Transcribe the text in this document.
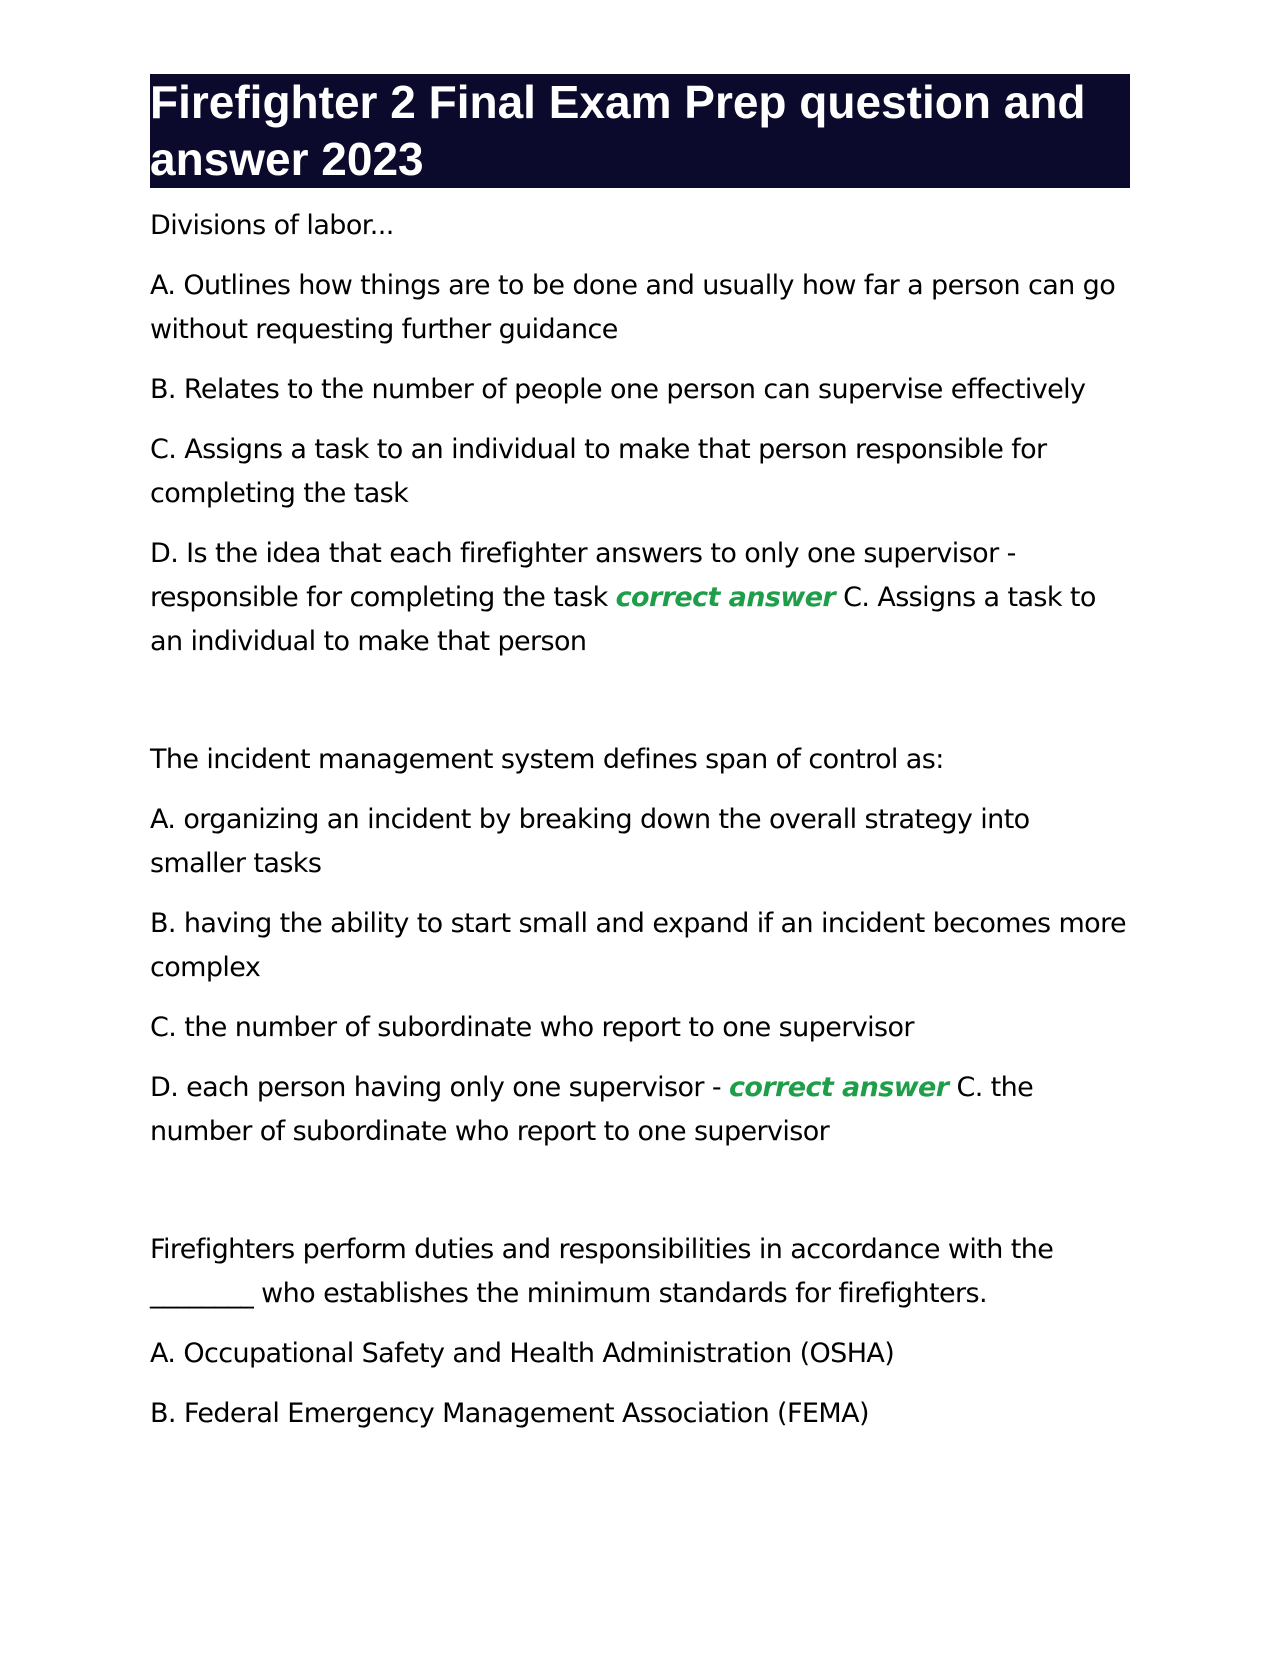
Firefighter 2 Final Exam Prep question and answer 2023
Divisions of labor...
A. Outlines how things are to be done and usually how far a person can go without requesting further guidance
B. Relates to the number of people one person can supervise effectively
C. Assigns a task to an individual to make that person responsible for completing the task
D. Is the idea that each firefighter answers to only one supervisor - responsible for completing the task correct answer C. Assigns a task to an individual to make that person
The incident management system defines span of control as:
A. organizing an incident by breaking down the overall strategy into smaller tasks
B. having the ability to start small and expand if an incident becomes more complex
C. the number of subordinate who report to one supervisor
D. each person having only one supervisor - correct answer C. the number of subordinate who report to one supervisor
Firefighters perform duties and responsibilities in accordance with the ________ who establishes the minimum standards for firefighters.
A. Occupational Safety and Health Administration (OSHA)
B. Federal Emergency Management Association (FEMA)
